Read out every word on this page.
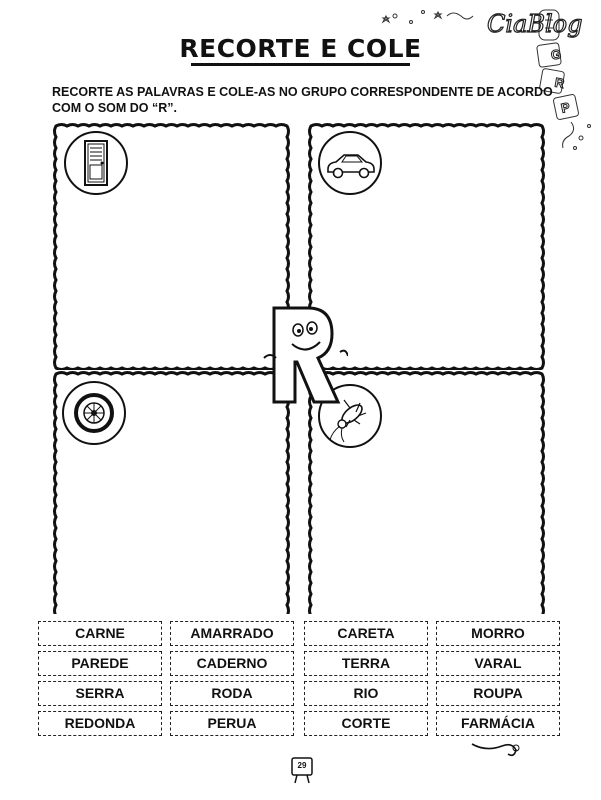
CiaBlog
G
R
P
RECORTE E COLE
RECORTE AS PALAVRAS E COLE-AS NO GRUPO CORRESPONDENTE DE ACORDO COM O SOM DO “R”.
CARNE	AMARRADO	CARETA	MORRO
PAREDE	CADERNO	TERRA	VARAL
SERRA	RODA	RIO	ROUPA
REDONDA	PERUA	CORTE	FARMÁCIA
29
